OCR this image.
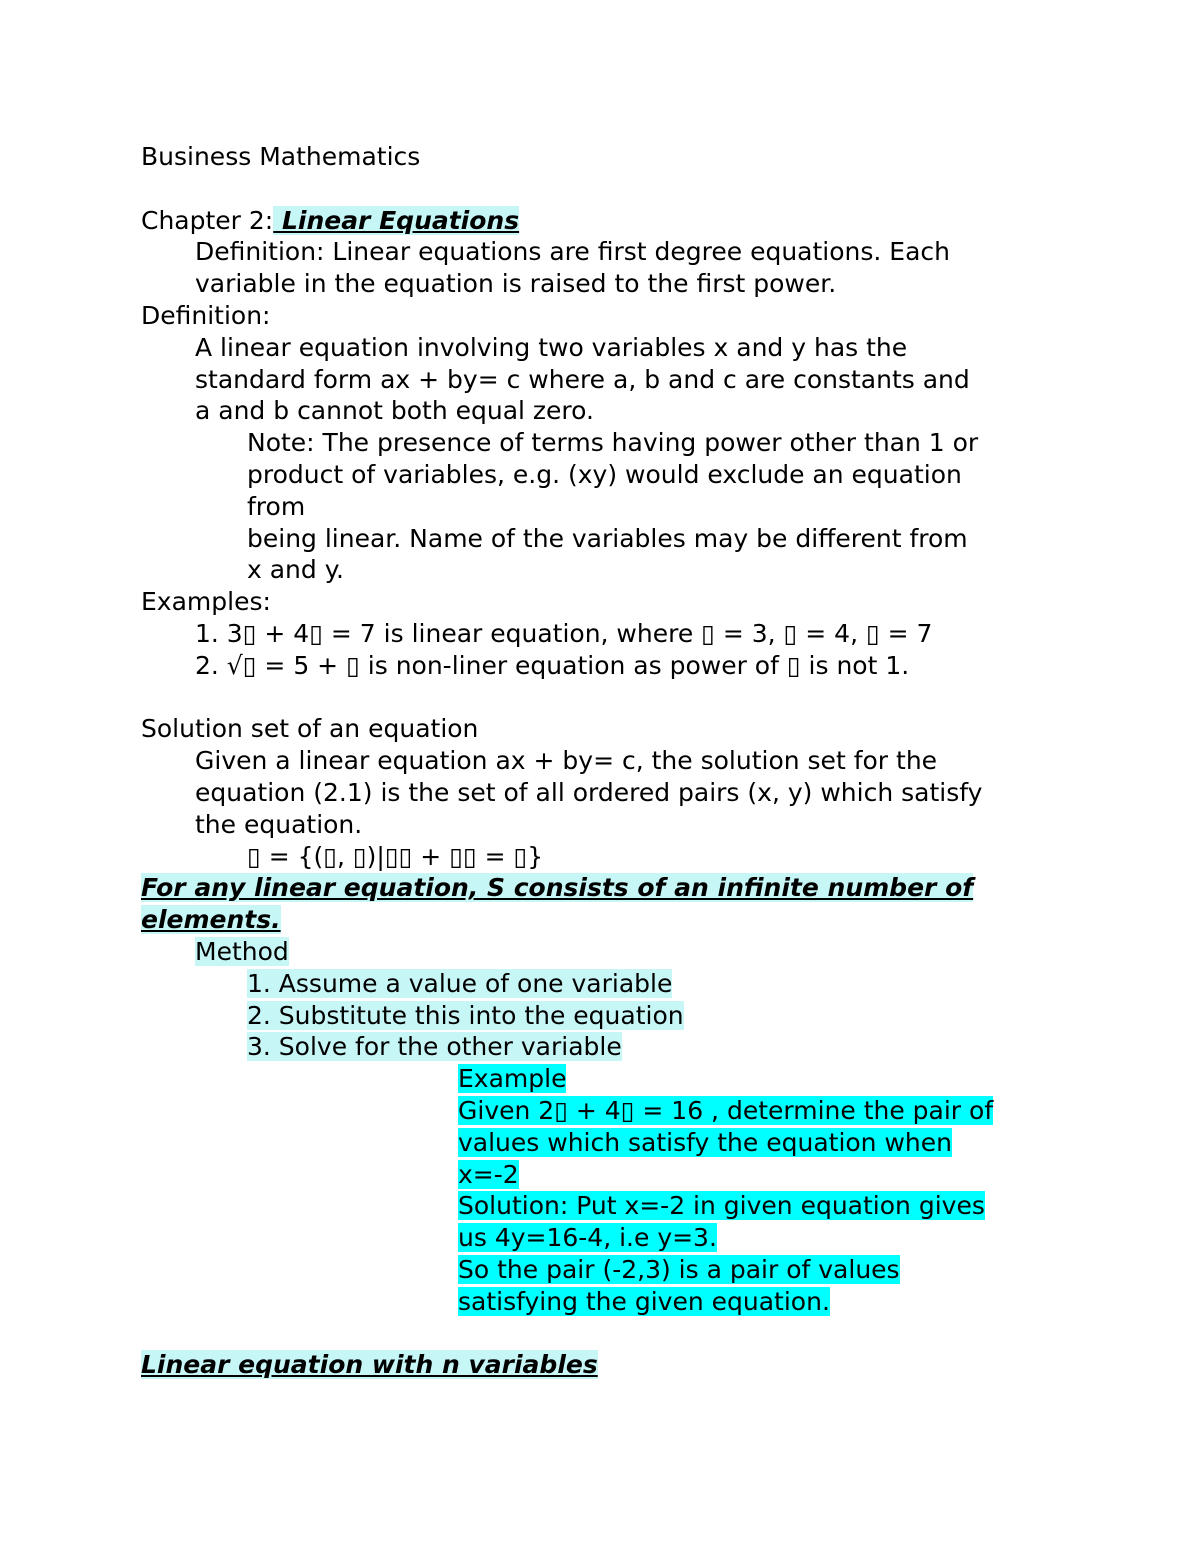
Business Mathematics
Chapter 2: Linear Equations
Definition: Linear equations are first degree equations. Each
variable in the equation is raised to the first power.
Definition:
A linear equation involving two variables x and y has the
standard form ax + by= c where a, b and c are constants and
a and b cannot both equal zero.
Note: The presence of terms having power other than 1 or
product of variables, e.g. (xy) would exclude an equation
from
being linear. Name of the variables may be different from
x and y.
Examples:
1. 3▯ + 4▯ = 7 is linear equation, where ▯ = 3, ▯ = 4, ▯ = 7
2. √▯ = 5 + ▯ is non-liner equation as power of ▯ is not 1.
Solution set of an equation
Given a linear equation ax + by= c, the solution set for the
equation (2.1) is the set of all ordered pairs (x, y) which satisfy
the equation.
▯ = {(▯, ▯)|▯▯ + ▯▯ = ▯}
For any linear equation, S consists of an infinite number of
elements.
Method
1. Assume a value of one variable
2. Substitute this into the equation
3. Solve for the other variable
Example
Given 2▯ + 4▯ = 16 , determine the pair of
values which satisfy the equation when
x=-2
Solution: Put x=-2 in given equation gives
us 4y=16-4, i.e y=3.
So the pair (-2,3) is a pair of values
satisfying the given equation.
Linear equation with n variables
